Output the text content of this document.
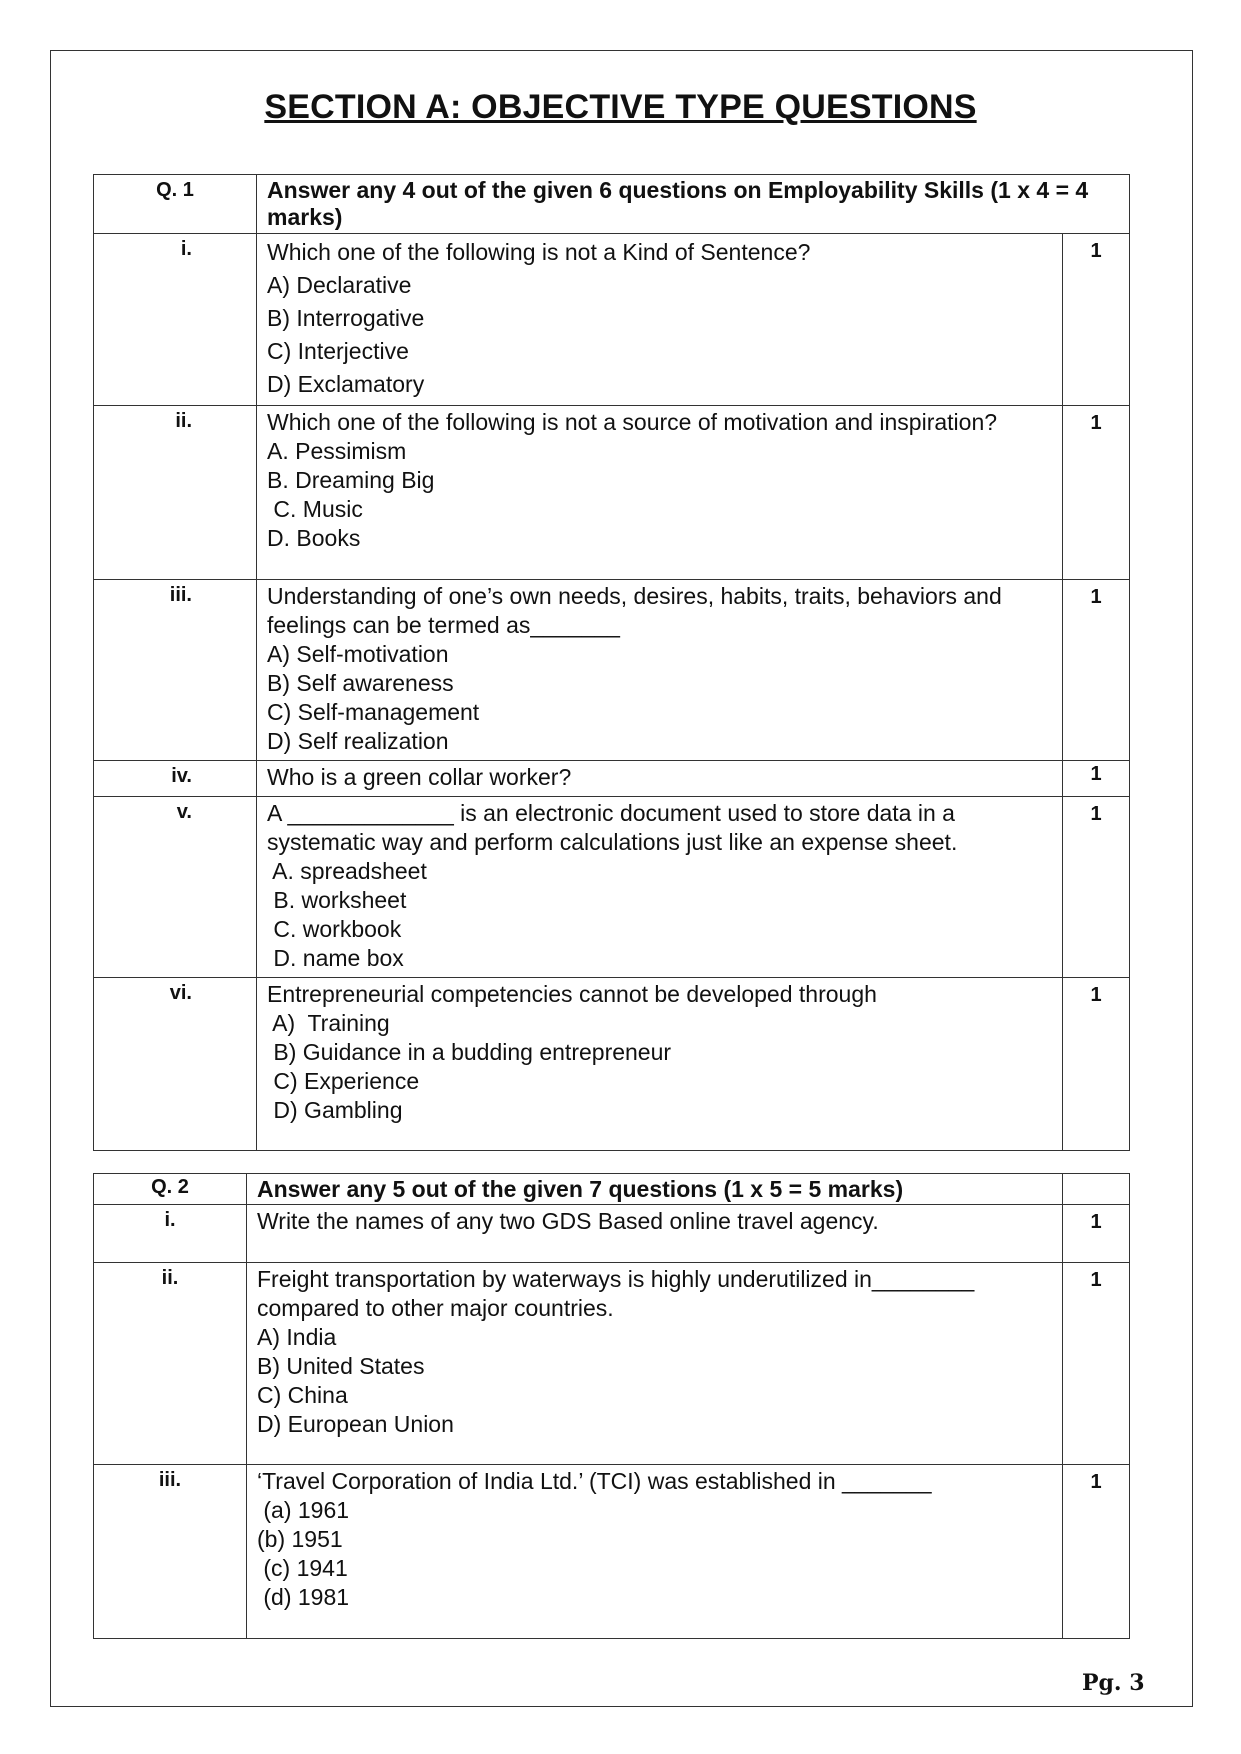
SECTION A: OBJECTIVE TYPE QUESTIONS
Q. 1	Answer any 4 out of the given 6 questions on Employability Skills (1 x 4 = 4 marks)	
i.	Which one of the following is not a Kind of Sentence?
A) Declarative
B) Interrogative
C) Interjective
D) Exclamatory	1
ii.	Which one of the following is not a source of motivation and inspiration?
A. Pessimism
B. Dreaming Big
C. Music
D. Books	1
iii.	Understanding of one’s own needs, desires, habits, traits, behaviors and feelings can be termed as_______
A) Self-motivation
B) Self awareness
C) Self-management
D) Self realization	1
iv.	Who is a green collar worker?	1
v.	A _____________ is an electronic document used to store data in a systematic way and perform calculations just like an expense sheet.
A. spreadsheet
B. worksheet
C. workbook
D. name box	1
vi.	Entrepreneurial competencies cannot be developed through
A)  Training
B) Guidance in a budding entrepreneur
C) Experience
D) Gambling	1
Q. 2	Answer any 5 out of the given 7 questions (1 x 5 = 5 marks)	
i.	Write the names of any two GDS Based online travel agency.	1
ii.	Freight transportation by waterways is highly underutilized in________ compared to other major countries.
A) India
B) United States
C) China
D) European Union	1
iii.	‘Travel Corporation of India Ltd.’ (TCI) was established in _______
(a) 1961
(b) 1951
(c) 1941
(d) 1981	1
Pg. 3
